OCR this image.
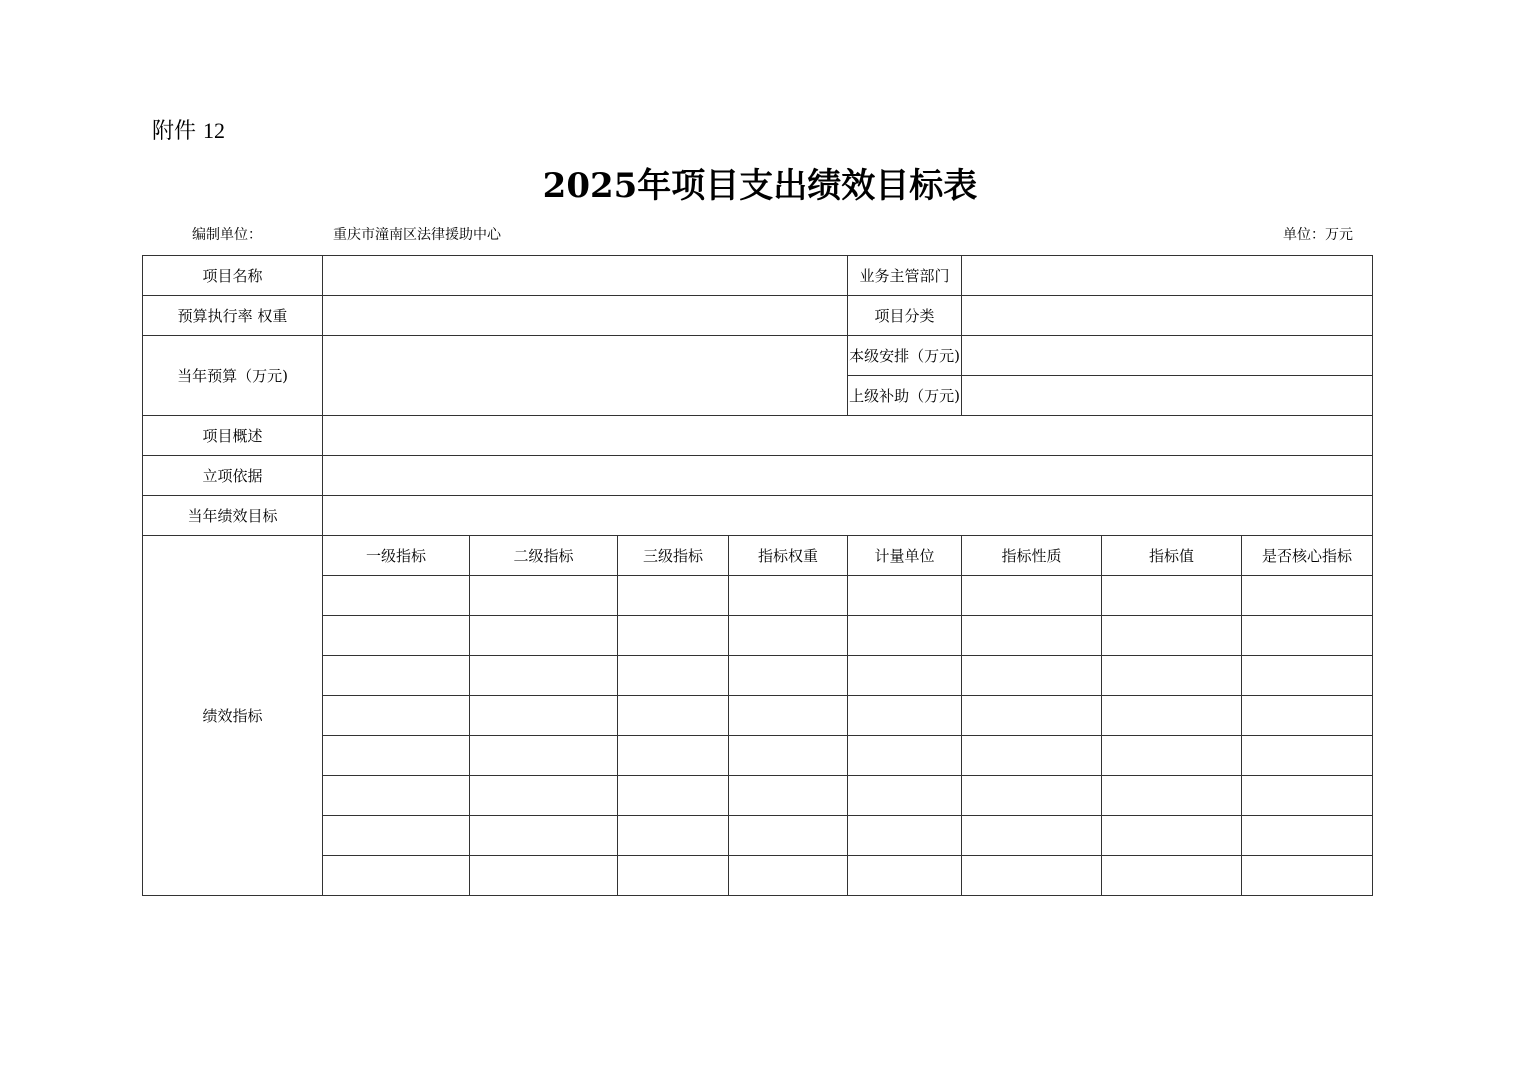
附件 12
2025年项目支出绩效目标表
编制单位：	重庆市潼南区法律援助中心	单位：万元
项目名称					业务主管部门			
预算执行率 权重					项目分类			
当年预算（万元)					本级安排（万元)			
					上级补助（万元)			
项目概述								
立项依据								
当年绩效目标								
绩效指标	一级指标	二级指标	三级指标	指标权重	计量单位	指标性质	指标值	是否核心指标
